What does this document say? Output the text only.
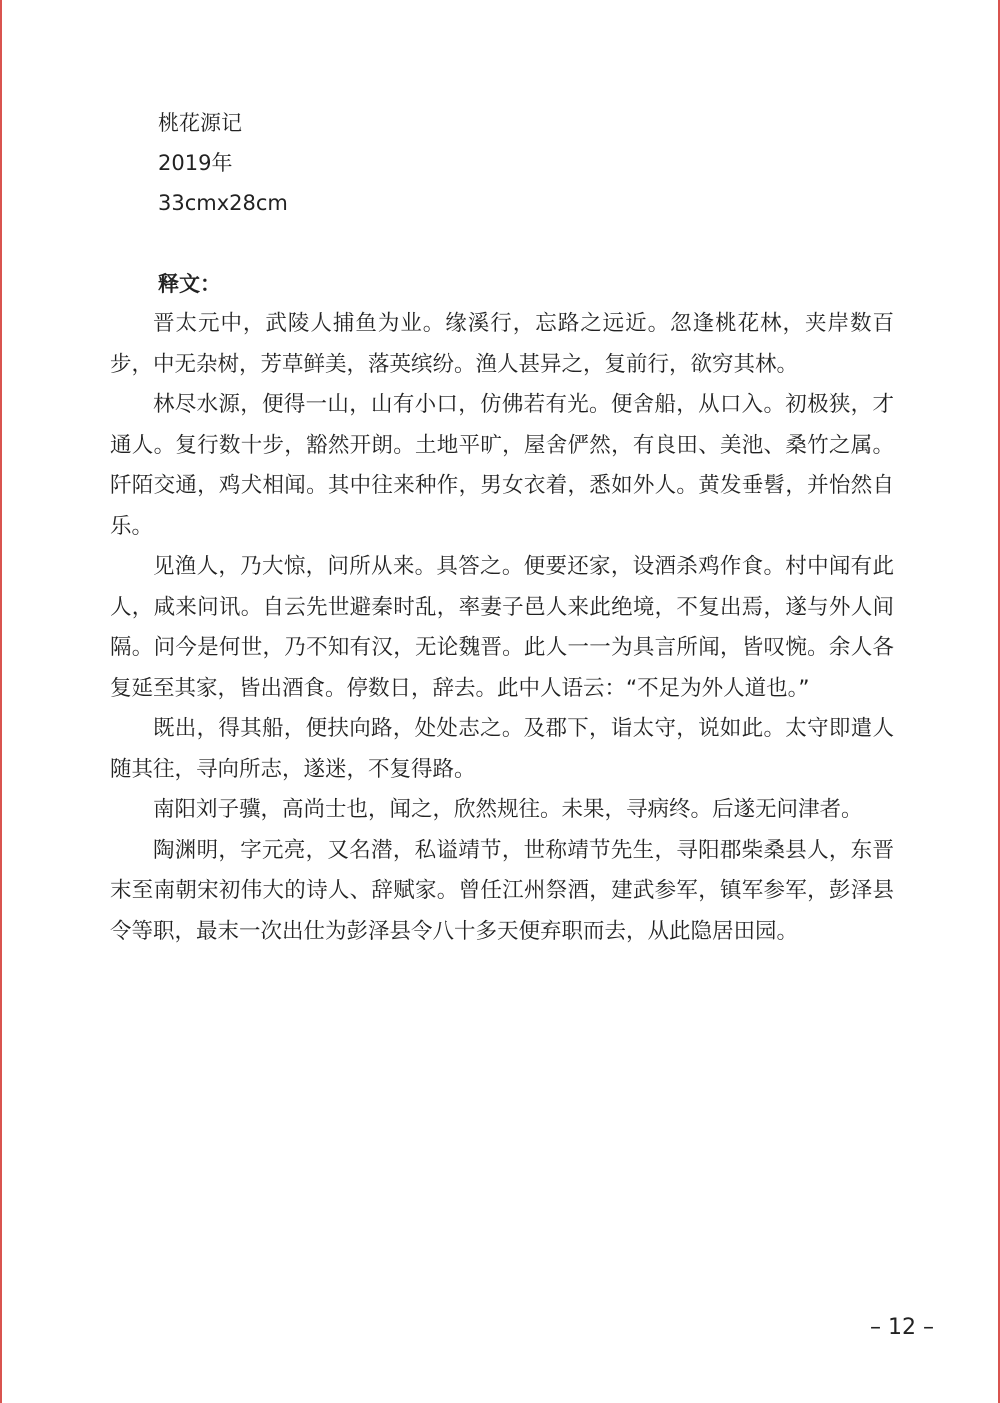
桃花源记
2019年
33cmx28cm
释文：

晋太元中，武陵人捕鱼为业。缘溪行，忘路之远近。忽逢桃花林，夹岸数百步，中无杂树，芳草鲜美，落英缤纷。渔人甚异之，复前行，欲穷其林。

林尽水源，便得一山，山有小口，仿佛若有光。便舍船，从口入。初极狭，才通人。复行数十步，豁然开朗。土地平旷，屋舍俨然，有良田、美池、桑竹之属。阡陌交通，鸡犬相闻。其中往来种作，男女衣着，悉如外人。黄发垂髫，并怡然自乐。

见渔人，乃大惊，问所从来。具答之。便要还家，设酒杀鸡作食。村中闻有此人，咸来问讯。自云先世避秦时乱，率妻子邑人来此绝境，不复出焉，遂与外人间隔。问今是何世，乃不知有汉，无论魏晋。此人一一为具言所闻，皆叹惋。余人各复延至其家，皆出酒食。停数日，辞去。此中人语云：“不足为外人道也。”

既出，得其船，便扶向路，处处志之。及郡下，诣太守，说如此。太守即遣人随其往，寻向所志，遂迷，不复得路。

南阳刘子骥，高尚士也，闻之，欣然规往。未果，寻病终。后遂无问津者。

陶渊明，字元亮，又名潜，私谥靖节，世称靖节先生，寻阳郡柴桑县人，东晋末至南朝宋初伟大的诗人、辞赋家。曾任江州祭酒，建武参军，镇军参军，彭泽县令等职，最末一次出仕为彭泽县令八十多天便弃职而去，从此隐居田园。

– 12 –
